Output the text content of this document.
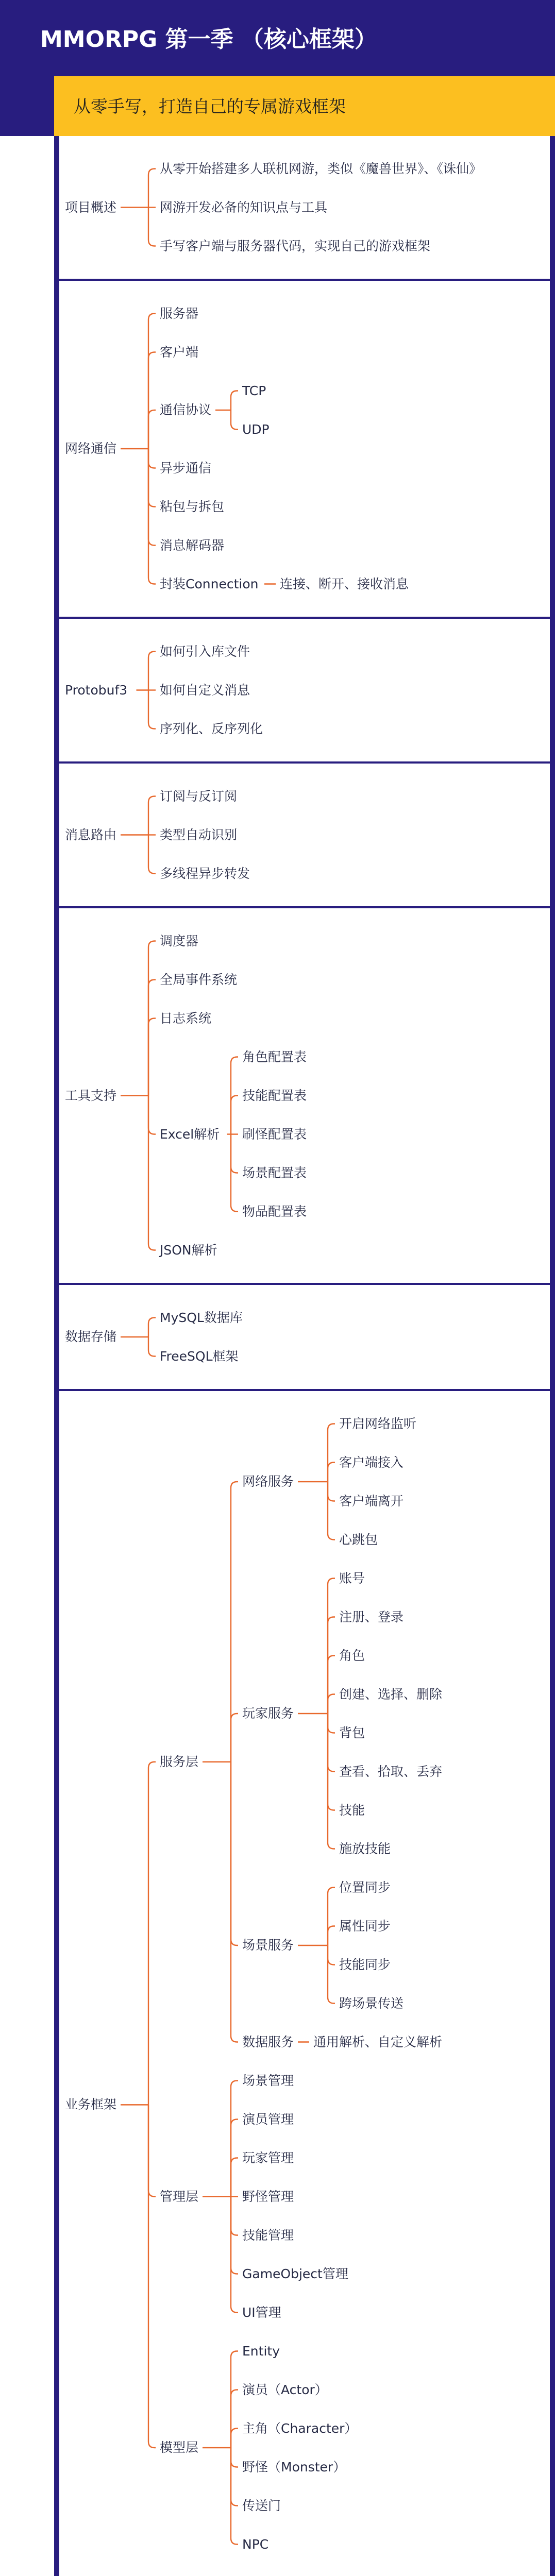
MMORPG 第一季 （核心框架）
从零手写，打造自己的专属游戏框架
从零开始搭建多人联机网游，类似《魔兽世界》、《诛仙》
网游开发必备的知识点与工具
手写客户端与服务器代码，实现自己的游戏框架
项目概述
服务器
客户端
TCP
UDP
通信协议
异步通信
粘包与拆包
消息解码器
连接、断开、接收消息
封装Connection
网络通信
如何引入库文件
如何自定义消息
序列化、反序列化
Protobuf3
订阅与反订阅
类型自动识别
多线程异步转发
消息路由
调度器
全局事件系统
日志系统
角色配置表
技能配置表
刷怪配置表
场景配置表
物品配置表
Excel解析
JSON解析
工具支持
MySQL数据库
FreeSQL框架
数据存储
开启网络监听
客户端接入
客户端离开
心跳包
网络服务
账号
注册、登录
角色
创建、选择、删除
背包
查看、拾取、丢弃
技能
施放技能
玩家服务
位置同步
属性同步
技能同步
跨场景传送
场景服务
通用解析、自定义解析
数据服务
服务层
场景管理
演员管理
玩家管理
野怪管理
技能管理
GameObject管理
UI管理
管理层
Entity
演员（Actor）
主角（Character）
野怪（Monster）
传送门
NPC
模型层
业务框架
